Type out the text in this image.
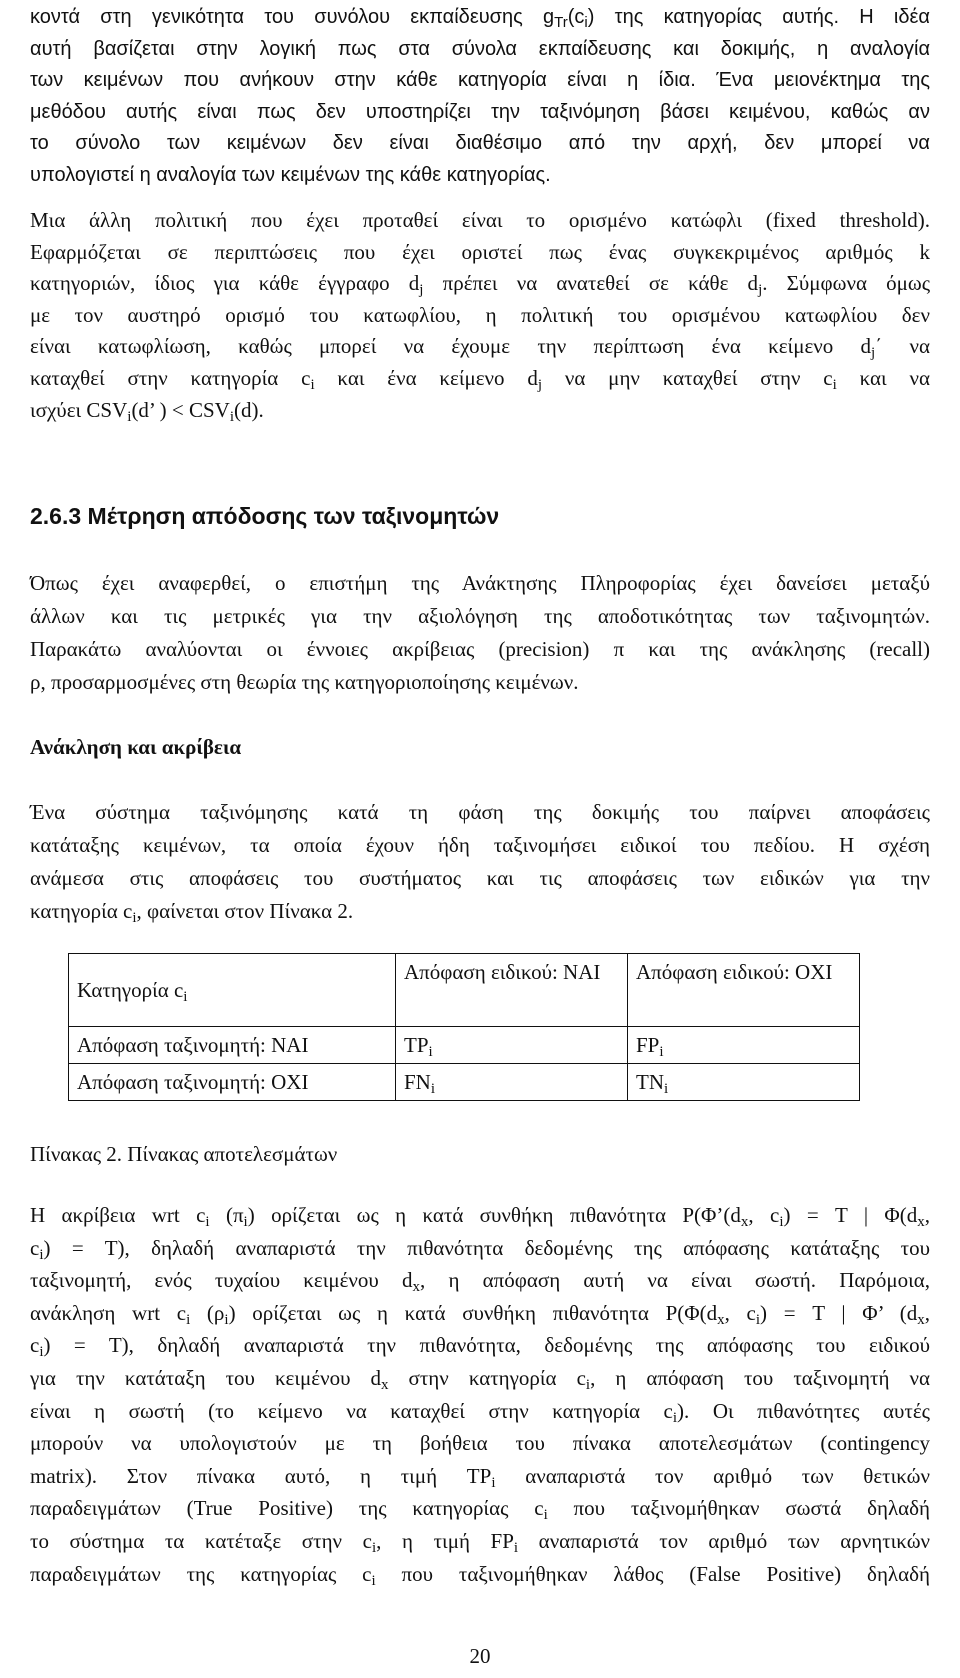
κοντά στη γενικότητα του συνόλου εκπαίδευσης $g_{Tr}(c_i)$ της κατηγορίας αυτής. Η ιδέα
αυτή βασίζεται στην λογική πως στα σύνολα εκπαίδευσης και δοκιμής, η αναλογία
των κειμένων που ανήκουν στην κάθε κατηγορία είναι η ίδια. Ένα μειονέκτημα της
μεθόδου αυτής είναι πως δεν υποστηρίζει την ταξινόμηση βάσει κειμένου, καθώς αν
το σύνολο των κειμένων δεν είναι διαθέσιμο από την αρχή, δεν μπορεί να
υπολογιστεί η αναλογία των κειμένων της κάθε κατηγορίας.
Μια άλλη πολιτική που έχει προταθεί είναι το ορισμένο κατώφλι (fixed threshold).
Εφαρμόζεται σε περιπτώσεις που έχει οριστεί πως ένας συγκεκριμένος αριθμός k
κατηγοριών, ίδιος για κάθε έγγραφο $d_j$ πρέπει να ανατεθεί σε κάθε $d_j$. Σύμφωνα όμως
με τον αυστηρό ορισμό του κατωφλίου, η πολιτική του ορισμένου κατωφλίου δεν
είναι κατωφλίωση, καθώς μπορεί να έχουμε την περίπτωση ένα κείμενο $d_j΄$ να
καταχθεί στην κατηγορία $c_i$ και ένα κείμενο $d_j$ να μην καταχθεί στην $c_i$ και να
ισχύει $CSV_i(d$’ ) < $CSV_i(d)$.
2.6.3 Μέτρηση απόδοσης των ταξινομητών
Όπως έχει αναφερθεί, ο επιστήμη της Ανάκτησης Πληροφορίας έχει δανείσει μεταξύ
άλλων και τις μετρικές για την αξιολόγηση της αποδοτικότητας των ταξινομητών.
Παρακάτω αναλύονται οι έννοιες ακρίβειας (precision) π και της ανάκλησης (recall)
ρ, προσαρμοσμένες στη θεωρία της κατηγοριοποίησης κειμένων.
Ανάκληση και ακρίβεια
Ένα σύστημα ταξινόμησης κατά τη φάση της δοκιμής του παίρνει αποφάσεις
κατάταξης κειμένων, τα οποία έχουν ήδη ταξινομήσει ειδικοί του πεδίου. Η σχέση
ανάμεσα στις αποφάσεις του συστήματος και τις αποφάσεις των ειδικών για την
κατηγορία $c_i$, φαίνεται στον Πίνακα 2.
Κατηγορία $c_i$	Απόφαση ειδικού: ΝΑΙ	Απόφαση ειδικού: ΟΧΙ
Απόφαση ταξινομητή: ΝΑΙ	$TP_i$	$FP_i$
Απόφαση ταξινομητή: ΟΧΙ	$FN_i$	$TN_i$
Πίνακας 2. Πίνακας αποτελεσμάτων
Η ακρίβεια wrt $c_i$ $(\pi_i)$ ορίζεται ως η κατά συνθήκη πιθανότητα $P(\Phi’(d_x$, $c_i) = T$ | $\Phi(d_x$,
$c_i) = T$), δηλαδή αναπαριστά την πιθανότητα δεδομένης της απόφασης κατάταξης του
ταξινομητή, ενός τυχαίου κειμένου $d_x$, η απόφαση αυτή να είναι σωστή. Παρόμοια,
ανάκληση wrt $c_i$ $(\rho_i)$ ορίζεται ως η κατά συνθήκη πιθανότητα $P(\Phi(d_x$, $c_i) = T$ | Φ’ ($d_x$,
$c_i) = T$), δηλαδή αναπαριστά την πιθανότητα, δεδομένης της απόφασης του ειδικού
για την κατάταξη του κειμένου $d_x$ στην κατηγορία $c_i$, η απόφαση του ταξινομητή να
είναι η σωστή (το κείμενο να καταχθεί στην κατηγορία $c_i$). Οι πιθανότητες αυτές
μπορούν να υπολογιστούν με τη βοήθεια του πίνακα αποτελεσμάτων (contingency
matrix). Στον πίνακα αυτό, η τιμή $TP_i$ αναπαριστά τον αριθμό των θετικών
παραδειγμάτων (True Positive) της κατηγορίας $c_i$ που ταξινομήθηκαν σωστά δηλαδή
το σύστημα τα κατέταξε στην $c_i$, η τιμή $FP_i$ αναπαριστά τον αριθμό των αρνητικών
παραδειγμάτων της κατηγορίας $c_i$ που ταξινομήθηκαν λάθος (False Positive) δηλαδή
20
